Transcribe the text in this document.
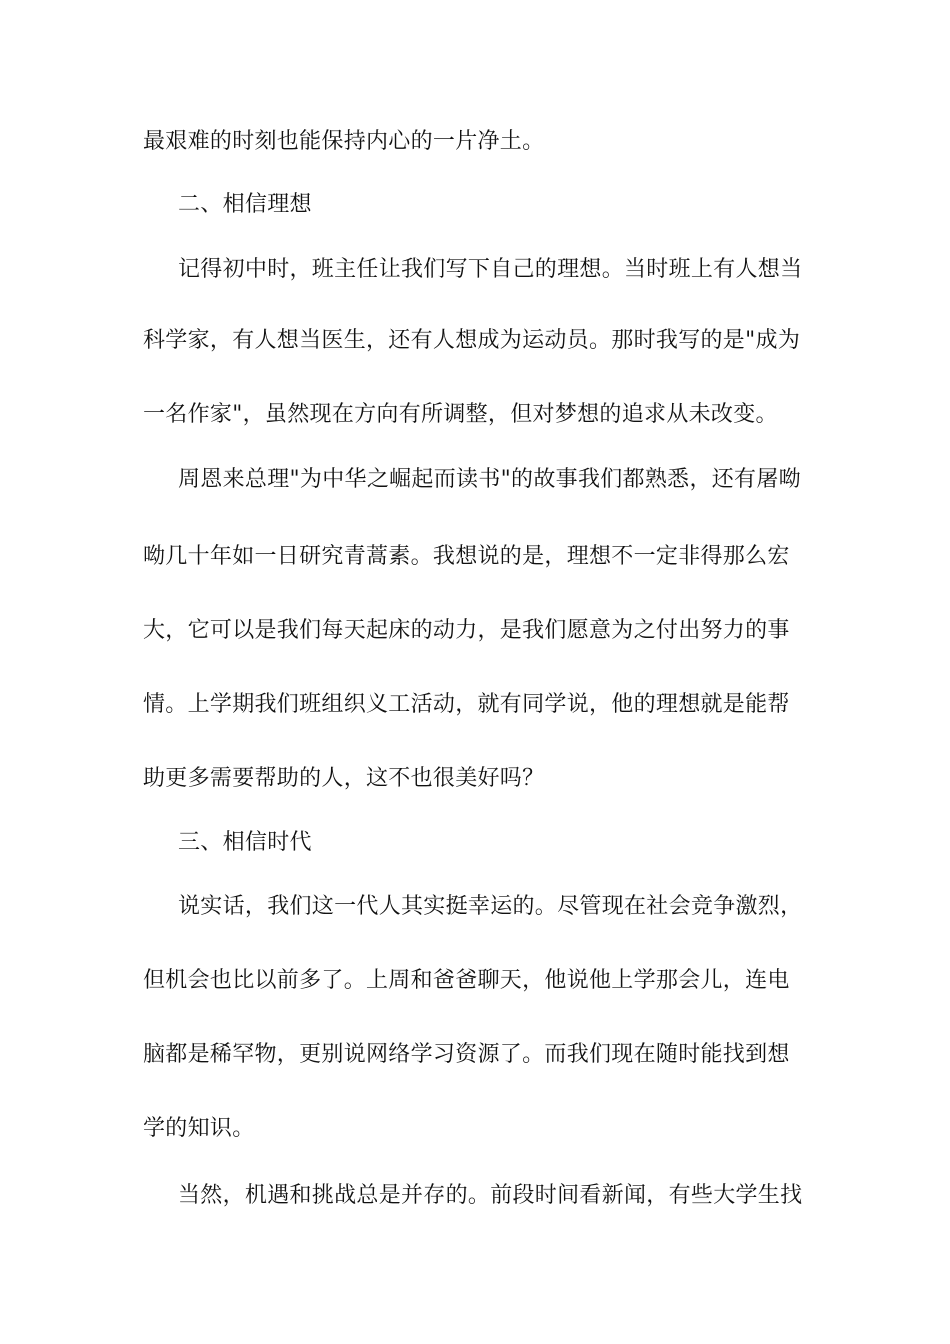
最艰难的时刻也能保持内心的一片净土。
二、相信理想
记得初中时，班主任让我们写下自己的理想。当时班上有人想当
科学家，有人想当医生，还有人想成为运动员。那时我写的是"成为
一名作家"，虽然现在方向有所调整，但对梦想的追求从未改变。
周恩来总理"为中华之崛起而读书"的故事我们都熟悉，还有屠呦
呦几十年如一日研究青蒿素。我想说的是，理想不一定非得那么宏
大，它可以是我们每天起床的动力，是我们愿意为之付出努力的事
情。上学期我们班组织义工活动，就有同学说，他的理想就是能帮
助更多需要帮助的人，这不也很美好吗？
三、相信时代
说实话，我们这一代人其实挺幸运的。尽管现在社会竞争激烈，
但机会也比以前多了。上周和爸爸聊天，他说他上学那会儿，连电
脑都是稀罕物，更别说网络学习资源了。而我们现在随时能找到想
学的知识。
当然，机遇和挑战总是并存的。前段时间看新闻，有些大学生找
